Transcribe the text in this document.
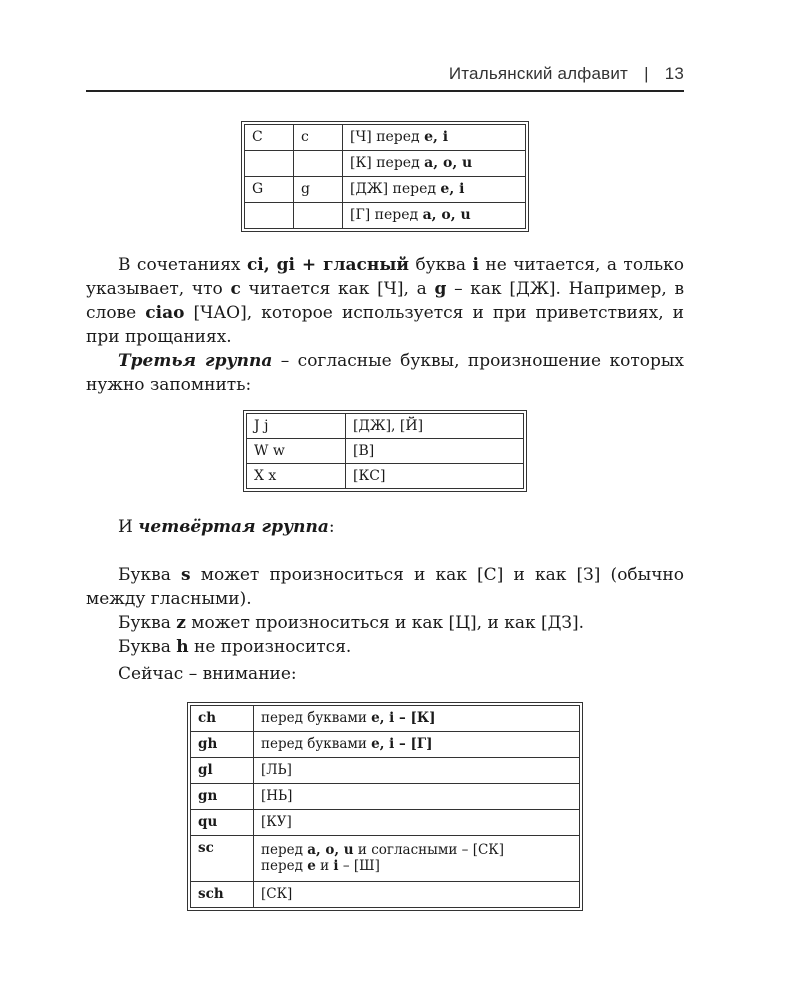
Итальянский алфавит | 13
C	c	[Ч] перед e, i
		[К] перед a, o, u
G	g	[ДЖ] перед e, i
		[Г] перед a, o, u

В сочетаниях ci, gi + гласный буква i не читается, а только указывает, что c читается как [Ч], а g – как [ДЖ]. Например, в слове ciao [ЧАО], которое используется и при приветствиях, и при прощаниях.

Третья группа – согласные буквы, произношение которых нужно запомнить:

J j	[ДЖ], [Й]
W w	[В]
X x	[КС]

И четвёртая группа:

Буква s может произноситься и как [С] и как [З] (обычно между гласными).

Буква z может произноситься и как [Ц], и как [ДЗ].

Буква h не произносится.

Сейчас – внимание:

ch	перед буквами e, i – [К]
gh	перед буквами e, i – [Г]
gl	[ЛЬ]
gn	[НЬ]
qu	[КУ]
sc	перед a, o, u и согласными – [СК]
перед e и i – [Ш]
sch	[СК]
